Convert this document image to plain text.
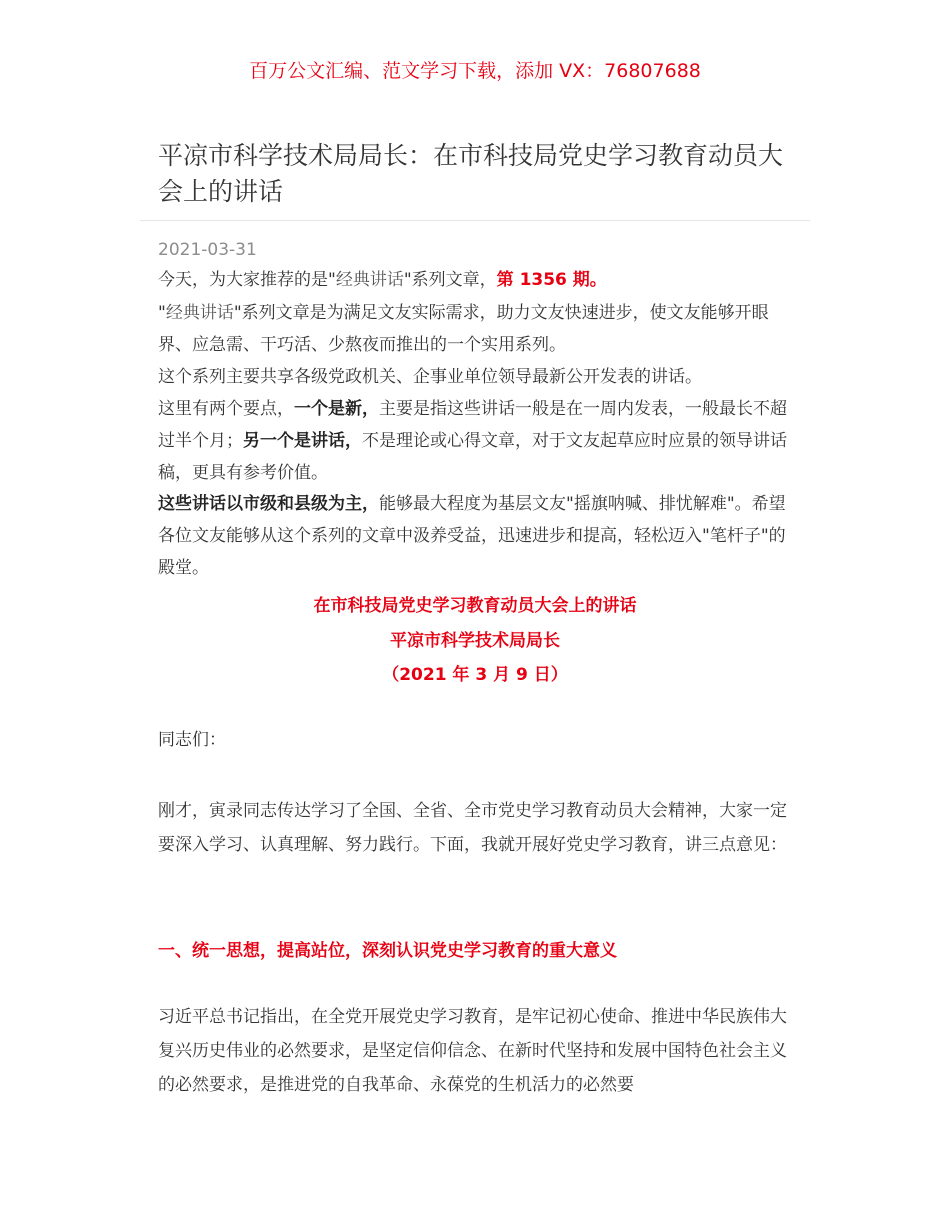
百万公文汇编、范文学习下载，添加 VX：76807688
平凉市科学技术局局长：在市科技局党史学习教育动员大会上的讲话
2021-03-31
今天，为大家推荐的是"经典讲话"系列文章，第 1356 期。
"经典讲话"系列文章是为满足文友实际需求，助力文友快速进步，使文友能够开眼界、应急需、干巧活、少熬夜而推出的一个实用系列。
这个系列主要共享各级党政机关、企事业单位领导最新公开发表的讲话。
这里有两个要点，一个是新，主要是指这些讲话一般是在一周内发表，一般最长不超过半个月；另一个是讲话，不是理论或心得文章，对于文友起草应时应景的领导讲话稿，更具有参考价值。
这些讲话以市级和县级为主，能够最大程度为基层文友"摇旗呐喊、排忧解难"。希望各位文友能够从这个系列的文章中汲养受益，迅速进步和提高，轻松迈入"笔杆子"的殿堂。
在市科技局党史学习教育动员大会上的讲话
平凉市科学技术局局长
（2021 年 3 月 9 日）
同志们：
刚才，寅录同志传达学习了全国、全省、全市党史学习教育动员大会精神，大家一定要深入学习、认真理解、努力践行。下面，我就开展好党史学习教育，讲三点意见：
一、统一思想，提高站位，深刻认识党史学习教育的重大意义
习近平总书记指出，在全党开展党史学习教育，是牢记初心使命、推进中华民族伟大复兴历史伟业的必然要求，是坚定信仰信念、在新时代坚持和发展中国特色社会主义的必然要求，是推进党的自我革命、永葆党的生机活力的必然要
